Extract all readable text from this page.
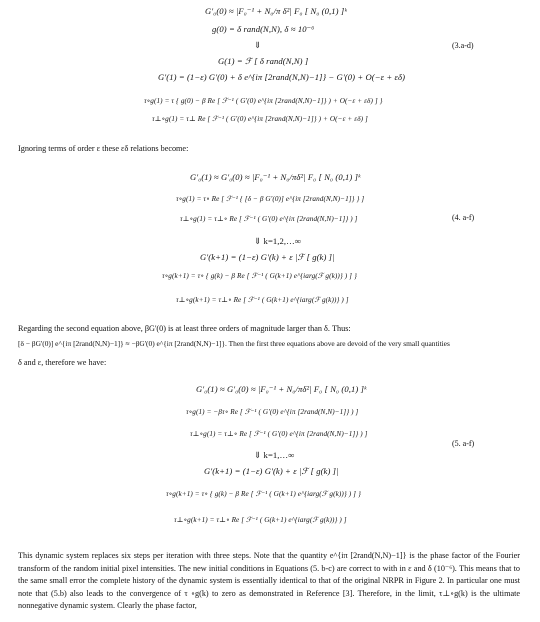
G'₀(0) ≈ |F₀⁻¹ + N₀/π δ²| F₀ [ N₀ (0,1) ]ᵏ
g(0) = δ rand(N,N), δ ≈ 10⁻⁶
⇓
G(1) = ℱ [ δ rand(N,N) ]
G'(1) = (1−ε) G'(0) + δ e^{iπ [2rand(N,N)−1]} − G'(0) + O(−ε + εδ)
τ∘g(1) = τ { g(0) − β Re [ ℱ⁻¹ ( G'(0) e^{iπ [2rand(N,N)−1]} ) + O(−ε + εδ) ] }
τ⊥∘g(1) = τ⊥ Re [ ℱ⁻¹ ( G'(0) e^{iπ [2rand(N,N)−1]} ) + O(−ε + εδ) ]
(3.a-d)
Ignoring terms of order ε these εδ relations become:
G'₀(1) ≈ G'₀(0) ≈ |F₀⁻¹ + N₀/πδ²| F₀ [ N₀ (0,1) ]ᵏ
τ∘g(1) = τ∘ Re [ ℱ⁻¹ { [δ − β G'(0)] e^{iπ [2rand(N,N)−1]} } ]
τ⊥∘g(1) = τ⊥∘ Re [ ℱ⁻¹ ( G'(0) e^{iπ [2rand(N,N)−1]} ) ]
⇓ k=1,2,…∞
G'(k+1) = (1−ε) G'(k) + ε |ℱ [ g(k) ]|
τ∘g(k+1) = τ∘ { g(k) − β Re [ ℱ⁻¹ ( G(k+1) e^{iarg(ℱ g(k))} ) ] }
τ⊥∘g(k+1) = τ⊥∘ Re [ ℱ⁻¹ ( G(k+1) e^{iarg(ℱ g(k))} ) ]
(4. a-f)
Regarding the second equation above, βG'(0) is at least three orders of magnitude larger than δ. Thus:
[δ − βG'(0)] e^{iπ [2rand(N,N)−1]} ≈ −βG'(0) e^{iπ [2rand(N,N)−1]}. Then the first three equations above are devoid of the very small quantities
δ and ε, therefore we have:
G'₀(1) ≈ G'₀(0) ≈ |F₀⁻¹ + N₀/πδ²| F₀ [ N₀ (0,1) ]ᵏ
τ∘g(1) = −βτ∘ Re [ ℱ⁻¹ ( G'(0) e^{iπ [2rand(N,N)−1]} ) ]
τ⊥∘g(1) = τ⊥∘ Re [ ℱ⁻¹ ( G'(0) e^{iπ [2rand(N,N)−1]} ) ]
⇓ k=1,…∞
G'(k+1) = (1−ε) G'(k) + ε |ℱ [ g(k) ]|
τ∘g(k+1) = τ∘ { g(k) − β Re [ ℱ⁻¹ ( G(k+1) e^{iarg(ℱ g(k))} ) ] }
τ⊥∘g(k+1) = τ⊥∘ Re [ ℱ⁻¹ ( G(k+1) e^{iarg(ℱ g(k))} ) ]
(5. a-f)

This dynamic system replaces six steps per iteration with three steps. Note that the quantity e^{iπ [2rand(N,N)−1]} is the phase factor of the Fourier transform of the random initial pixel intensities. The new initial conditions in Equations (5. b-c) are correct to with in ε and δ (10⁻⁶). This means that to the same small error the complete history of the dynamic system is essentially identical to that of the original NRPR in Figure 2. In particular one must note that (5.b) also leads to the convergence of τ ∘g(k) to zero as demonstrated in Reference [3]. Therefore, in the limit, τ⊥∘g(k) is the ultimate nonnegative dynamic system. Clearly the phase factor,
